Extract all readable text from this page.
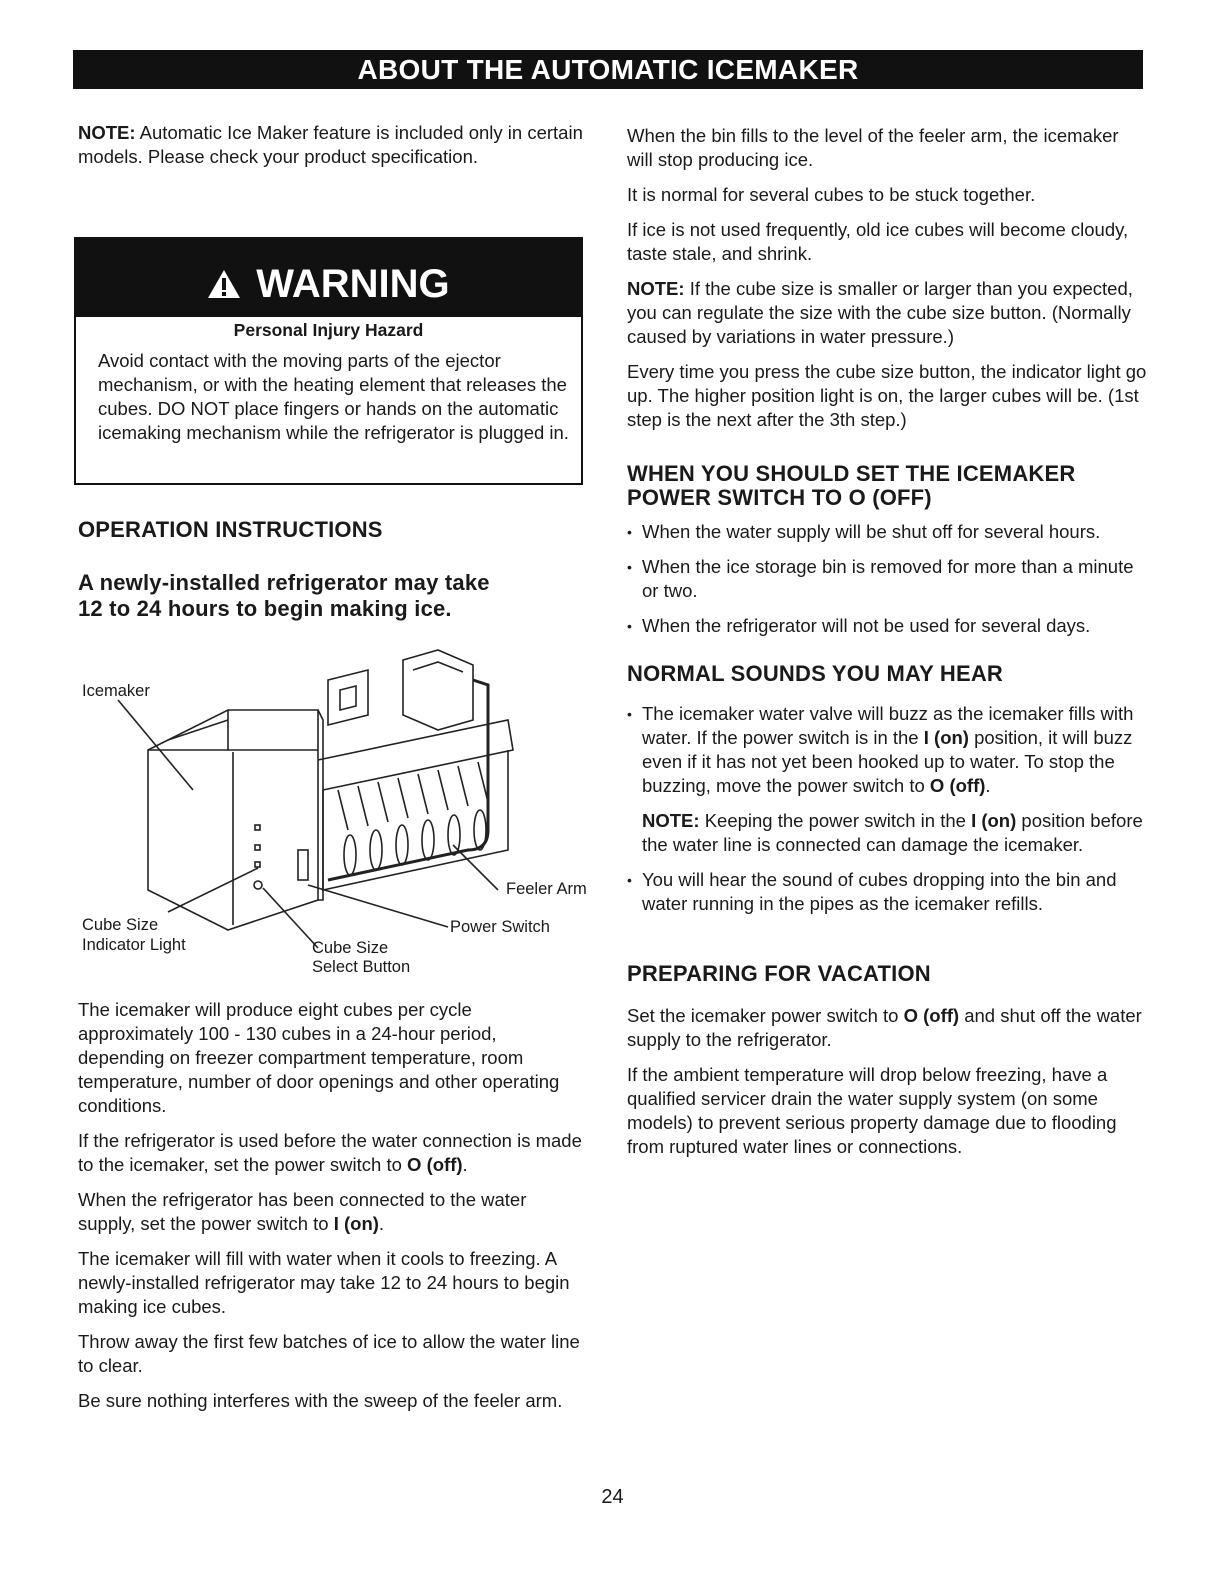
ABOUT THE AUTOMATIC ICEMAKER

NOTE: Automatic Ice Maker feature is included only in certain models. Please check your product specification.

WARNING
Personal Injury Hazard
Avoid contact with the moving parts of the ejector mechanism, or with the heating element that releases the cubes. DO NOT place fingers or hands on the automatic icemaking mechanism while the refrigerator is plugged in.
OPERATION INSTRUCTIONS
A newly-installed refrigerator may take
12 to 24 hours to begin making ice.
Icemaker
Feeler Arm
Power Switch
Cube Size
Indicator Light	Cube Size
Select Button

The icemaker will produce eight cubes per cycle approximately 100 - 130 cubes in a 24-hour period, depending on freezer compartment temperature, room temperature, number of door openings and other operating conditions.

If the refrigerator is used before the water connection is made to the icemaker, set the power switch to O (off).

When the refrigerator has been connected to the water supply, set the power switch to I (on).

The icemaker will fill with water when it cools to freezing. A newly-installed refrigerator may take 12 to 24 hours to begin making ice cubes.

Throw away the first few batches of ice to allow the water line to clear.

Be sure nothing interferes with the sweep of the feeler arm.

When the bin fills to the level of the feeler arm, the icemaker will stop producing ice.

It is normal for several cubes to be stuck together.

If ice is not used frequently, old ice cubes will become cloudy, taste stale, and shrink.

NOTE: If the cube size is smaller or larger than you expected, you can regulate the size with the cube size button. (Normally caused by variations in water pressure.)

Every time you press the cube size button, the indicator light go up. The higher position light is on, the larger cubes will be. (1st step is the next after the 3th step.)

WHEN YOU SHOULD SET THE ICEMAKER
POWER SWITCH TO O (OFF)
• When the water supply will be shut off for several hours.
• When the ice storage bin is removed for more than a minute or two.
• When the refrigerator will not be used for several days.
NORMAL SOUNDS YOU MAY HEAR
• The icemaker water valve will buzz as the icemaker fills with water. If the power switch is in the I (on) position, it will buzz even if it has not yet been hooked up to water. To stop the buzzing, move the power switch to O (off).
NOTE: Keeping the power switch in the I (on) position before the water line is connected can damage the icemaker.
• You will hear the sound of cubes dropping into the bin and water running in the pipes as the icemaker refills.
PREPARING FOR VACATION

Set the icemaker power switch to O (off) and shut off the water supply to the refrigerator.

If the ambient temperature will drop below freezing, have a qualified servicer drain the water supply system (on some models) to prevent serious property damage due to flooding from ruptured water lines or connections.

24
